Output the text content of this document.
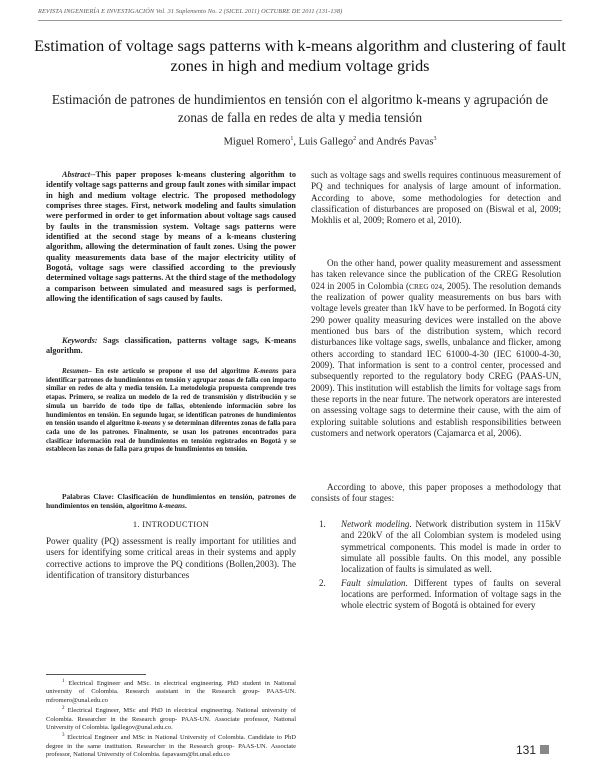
REVISTA INGENIERÍA E INVESTIGACIÓN Vol. 31 Suplemento No. 2 (SICEL 2011) OCTUBRE DE 2011 (131-138)
Estimation of voltage sags patterns with k-means algorithm and clustering of fault zones in high and medium voltage grids
Estimación de patrones de hundimientos en tensión con el algoritmo k-means y agrupación de zonas de falla en redes de alta y media tensión
Miguel Romero$^1$, Luis Gallego$^2$ and Andrés Pavas$^3$
Abstract--This paper proposes k-means clustering algorithm to identify voltage sags patterns and group fault zones with similar impact in high and medium voltage electric. The proposed methodology comprises three stages. First, network modeling and faults simulation were performed in order to get information about voltage sags caused by faults in the transmission system. Voltage sags patterns were identified at the second stage by means of a k-means clustering algorithm, allowing the determination of fault zones. Using the power quality measurements data base of the major electricity utility of Bogotá, voltage sags were classified according to the previously determined voltage sags patterns. At the third stage of the methodology a comparison between simulated and measured sags is performed, allowing the identification of sags caused by faults.
Keywords: Sags classification, patterns voltage sags, K-means algorithm.
Resumen– En este artículo se propone el uso del algoritmo K-means para identificar patrones de hundimientos en tensión y agrupar zonas de falla con impacto similar en redes de alta y media tensión. La metodología propuesta comprende tres etapas. Primero, se realiza un modelo de la red de transmisión y distribución y se simula un barrido de todo tipo de fallas, obteniendo información sobre los hundimientos en tensión. En segundo lugar, se identifican patrones de hundimientos en tensión usando el algoritmo k-means y se determinan diferentes zonas de falla para cada uno de los patrones. Finalmente, se usan los patrones encontrados para clasificar información real de hundimientos en tensión registrados en Bogotá y se establecen las zonas de falla para grupos de hundimientos en tensión.
Palabras Clave: Clasificación de hundimientos en tensión, patrones de hundimientos en tensión, algoritmo k-means.
1. INTRODUCTION
Power quality (PQ) assessment is really important for utilities and users for identifying some critical areas in their systems and apply corrective actions to improve the PQ conditions (Bollen,2003). The identification of transitory disturbances
$^1$ Electrical Engineer and MSc. in electrical engineering. PhD student in National university of Colombia. Research assistant in the Research group- PAAS-UN. mfromero@unal.edu.co
$^2$ Electrical Engineer, MSc and PhD in electrical engineering. National university of Colombia. Researcher in the Research group- PAAS-UN. Associate professor, National University of Colombia. lgallegov@unal.edu.co.
$^3$ Electrical Engineer and MSc in National University of Colombia. Candidate to PhD degree in the same institution. Researcher in the Research group- PAAS-UN. Associate professor, National University of Colombia. fapavasm@bt.unal.edu.co
such as voltage sags and swells requires continuous measurement of PQ and techniques for analysis of large amount of information. According to above, some methodologies for detection and classification of disturbances are proposed on (Biswal et al, 2009; Mokhlis et al, 2009; Romero et al, 2010).
On the other hand, power quality measurement and assessment has taken relevance since the publication of the CREG Resolution 024 in 2005 in Colombia (CREG 024, 2005). The resolution demands the realization of power quality measurements on bus bars with voltage levels greater than 1kV have to be performed. In Bogotá city 290 power quality measuring devices were installed on the above mentioned bus bars of the distribution system, which record disturbances like voltage sags, swells, unbalance and flicker, among others according to standard IEC 61000-4-30 (IEC 61000-4-30, 2009). That information is sent to a control center, processed and subsequently reported to the regulatory body CREG (PAAS-UN, 2009). This institution will establish the limits for voltage sags from these reports in the near future. The network operators are interested on assessing voltage sags to determine their cause, with the aim of exploring suitable solutions and establish responsibilities between customers and network operators (Cajamarca et al, 2006).
According to above, this paper proposes a methodology that consists of four stages:
1. Network modeling. Network distribution system in 115kV and 220kV of the all Colombian system is modeled using symmetrical components. This model is made in order to simulate all possible faults. On this model, any possible localization of faults is simulated as well.
2. Fault simulation. Different types of faults on several locations are performed. Information of voltage sags in the whole electric system of Bogotá is obtained for every
131
